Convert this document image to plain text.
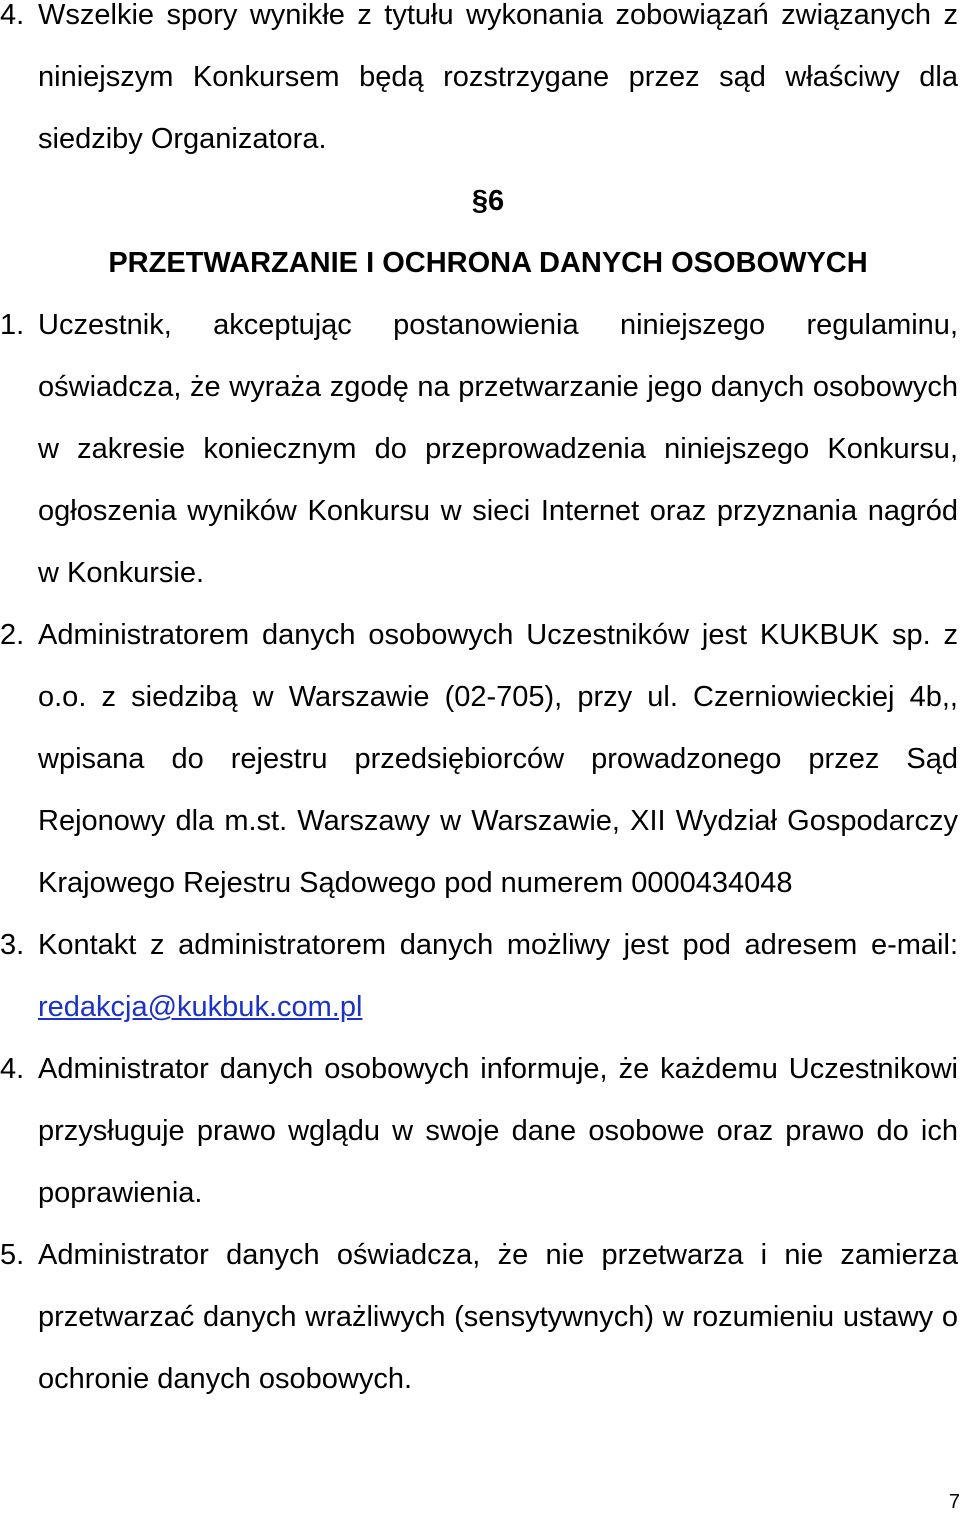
4. Wszelkie spory wynikłe z tytułu wykonania zobowiązań związanych z niniejszym Konkursem będą rozstrzygane przez sąd właściwy dla siedziby Organizatora.

§6

PRZETWARZANIE I OCHRONA DANYCH OSOBOWYCH

1. Uczestnik, akceptując postanowienia niniejszego regulaminu, oświadcza, że wyraża zgodę na przetwarzanie jego danych osobowych w zakresie koniecznym do przeprowadzenia niniejszego Konkursu, ogłoszenia wyników Konkursu w sieci Internet oraz przyznania nagród w Konkursie.

2. Administratorem danych osobowych Uczestników jest KUKBUK sp. z o.o. z siedzibą w Warszawie (02-705), przy ul. Czerniowieckiej 4b,, wpisana do rejestru przedsiębiorców prowadzonego przez Sąd Rejonowy dla m.st. Warszawy w Warszawie, XII Wydział Gospodarczy Krajowego Rejestru Sądowego pod numerem 0000434048

3. Kontakt z administratorem danych możliwy jest pod adresem e-mail: redakcja@kukbuk.com.pl

4. Administrator danych osobowych informuje, że każdemu Uczestnikowi przysługuje prawo wglądu w swoje dane osobowe oraz prawo do ich poprawienia.

5. Administrator danych oświadcza, że nie przetwarza i nie zamierza przetwarzać danych wrażliwych (sensytywnych) w rozumieniu ustawy o ochronie danych osobowych.

7
